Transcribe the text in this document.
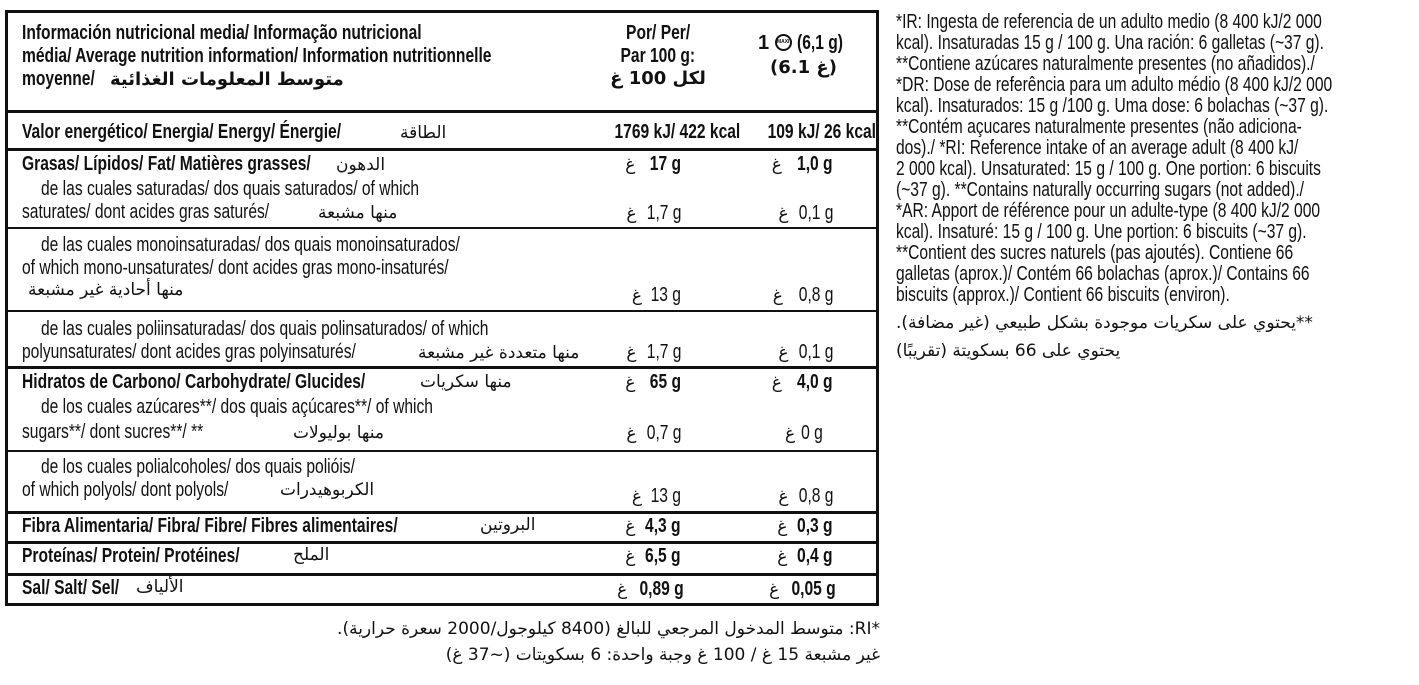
Información nutricional media/ Informação nutricional
média/ Average nutrition information/ Information nutritionnelle
moyenne/ متوسط المعلومات الغذائية
Por/ Per/
Par 100 g:
لكل 100 غ
1 MAXI (6,1 g)
(6.1 غ)
Valor energético/ Energia/ Energy/ Énergie/	الطاقة	1769 kJ/ 422 kcal	109 kJ/ 26 kcal
Grasas/ Lípidos/ Fat/ Matières grasses/	الدهون	غ 17 g	غ 1,0 g
de las cuales saturadas/ dos quais saturados/ of which
saturates/ dont acides gras saturés/	منها مشبعة	غ 1,7 g	غ 0,1 g
de las cuales monoinsaturadas/ dos quais monoinsaturados/
of which mono-unsaturates/ dont acides gras mono-insaturés/
منها أحادية غير مشبعة	غ 13 g	غ 0,8 g
de las cuales poliinsaturadas/ dos quais polinsaturados/ of which
polyunsaturates/ dont acides gras polyinsaturés/	منها متعددة غير مشبعة	غ 1,7 g	غ 0,1 g
Hidratos de Carbono/ Carbohydrate/ Glucides/	منها سكريات	غ 65 g	غ 4,0 g
de los cuales azúcares**/ dos quais açúcares**/ of which
sugars**/ dont sucres**/ **	منها بوليولات	غ 0,7 g	غ 0 g
de los cuales polialcoholes/ dos quais polióis/
of which polyols/ dont polyols/	الكربوهيدرات	غ 13 g	غ 0,8 g
Fibra Alimentaria/ Fibra/ Fibre/ Fibres alimentaires/	البروتين	غ 4,3 g	غ 0,3 g
Proteínas/ Protein/ Protéines/	الملح	غ 6,5 g	غ 0,4 g
Sal/ Salt/ Sel/ الألياف	غ 0,89 g	غ 0,05 g
*IR: Ingesta de referencia de un adulto medio (8 400 kJ/2 000
kcal). Insaturadas 15 g / 100 g. Una ración: 6 galletas (~37 g).
**Contiene azúcares naturalmente presentes (no añadidos)./
*DR: Dose de referência para um adulto médio (8 400 kJ/2 000
kcal). Insaturados: 15 g /100 g. Uma dose: 6 bolachas (~37 g).
**Contém açucares naturalmente presentes (não adiciona-
dos)./ *RI: Reference intake of an average adult (8 400 kJ/
2 000 kcal). Unsaturated: 15 g / 100 g. One portion: 6 biscuits
(~37 g). **Contains naturally occurring sugars (not added)./
*AR: Apport de référence pour un adulte-type (8 400 kJ/2 000
kcal). Insaturé: 15 g / 100 g. Une portion: 6 biscuits (~37 g).
**Contient des sucres naturels (pas ajoutés). Contiene 66
galletas (aprox.)/ Contém 66 bolachas (aprox.)/ Contains 66
biscuits (approx.)/ Contient 66 biscuits (environ).
**يحتوي على سكريات موجودة بشكل طبيعي (غير مضافة).
يحتوي على 66 بسكويتة (تقريبًا)
*RI: متوسط المدخول المرجعي للبالغ (8400 كيلوجول/2000 سعرة حرارية).
غير مشبعة 15 غ / 100 غ وجبة واحدة: 6 بسكويتات (~37 غ)
